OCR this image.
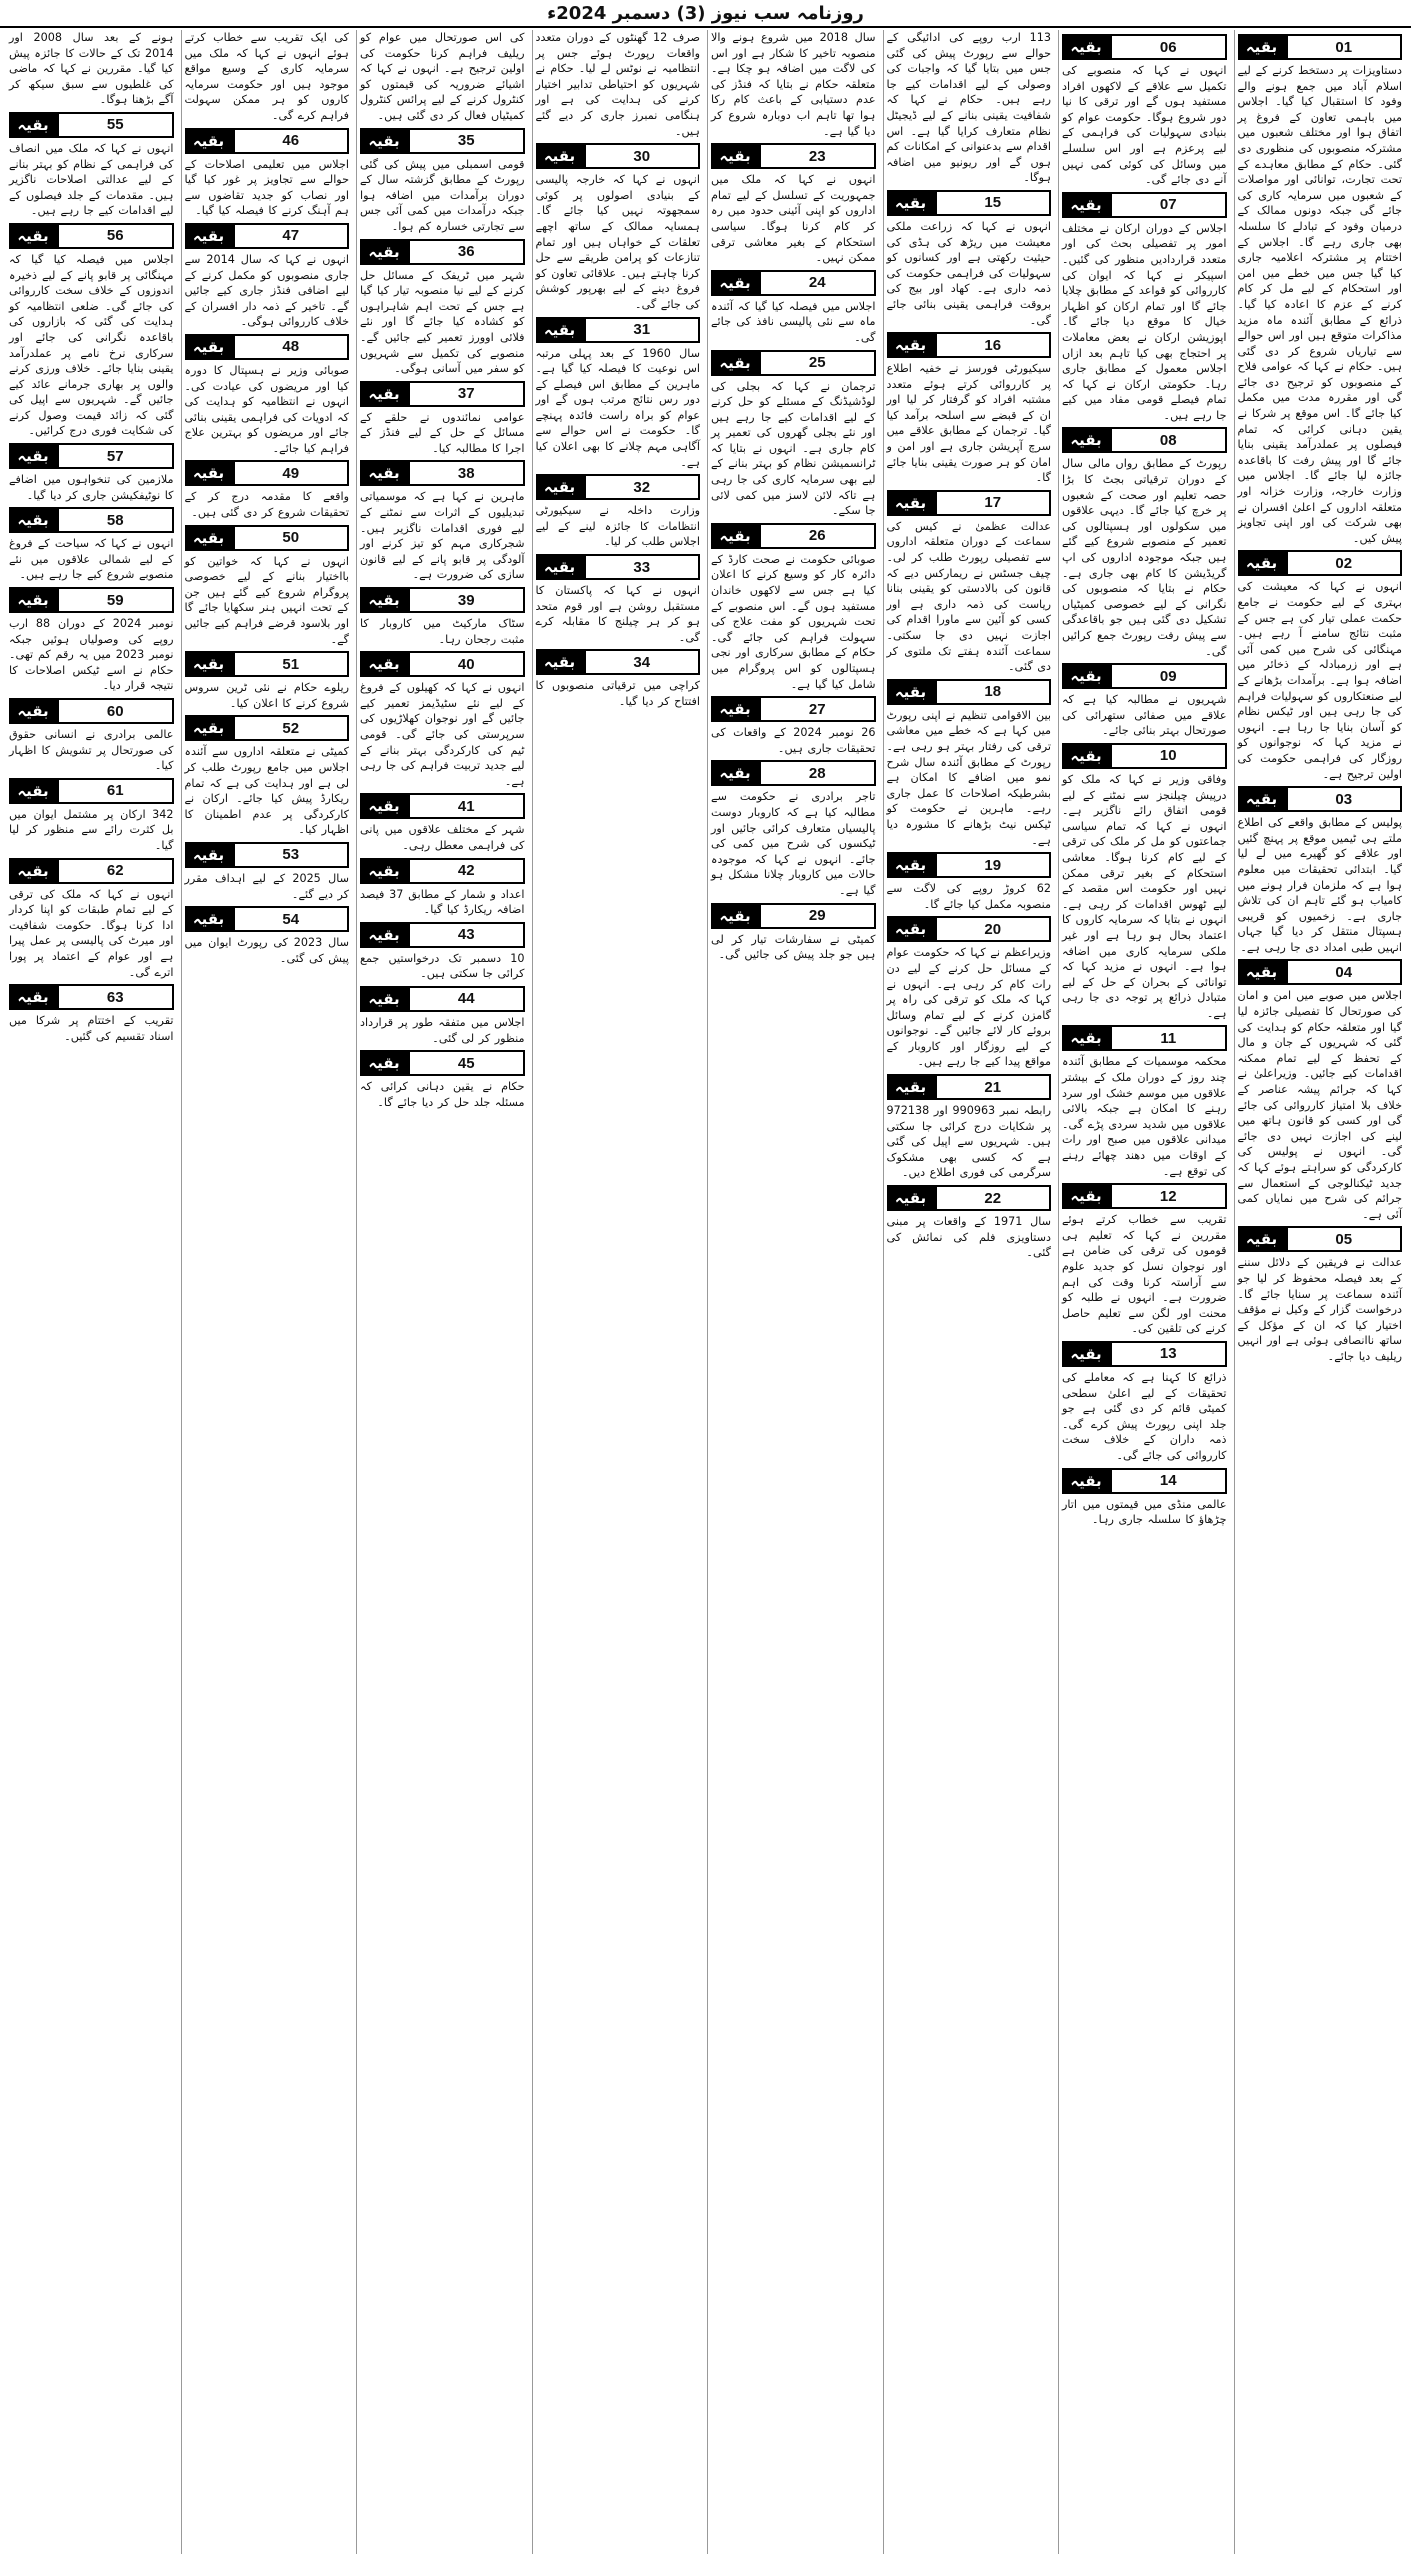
روزنامہ سب نیوز (3) دسمبر 2024ء
بقیہ	01

دستاویزات پر دستخط کرنے کے لیے اسلام آباد میں جمع ہونے والے وفود کا استقبال کیا گیا۔ اجلاس میں باہمی تعاون کے فروغ پر اتفاق ہوا اور مختلف شعبوں میں مشترکہ منصوبوں کی منظوری دی گئی۔ حکام کے مطابق معاہدے کے تحت تجارت، توانائی اور مواصلات کے شعبوں میں سرمایہ کاری کی جائے گی جبکہ دونوں ممالک کے درمیان وفود کے تبادلے کا سلسلہ بھی جاری رہے گا۔ اجلاس کے اختتام پر مشترکہ اعلامیہ جاری کیا گیا جس میں خطے میں امن اور استحکام کے لیے مل کر کام کرنے کے عزم کا اعادہ کیا گیا۔ ذرائع کے مطابق آئندہ ماہ مزید مذاکرات متوقع ہیں اور اس حوالے سے تیاریاں شروع کر دی گئی ہیں۔ حکام نے کہا کہ عوامی فلاح کے منصوبوں کو ترجیح دی جائے گی اور مقررہ مدت میں مکمل کیا جائے گا۔ اس موقع پر شرکا نے یقین دہانی کرائی کہ تمام فیصلوں پر عملدرآمد یقینی بنایا جائے گا اور پیش رفت کا باقاعدہ جائزہ لیا جائے گا۔ اجلاس میں وزارت خارجہ، وزارت خزانہ اور متعلقہ اداروں کے اعلیٰ افسران نے بھی شرکت کی اور اپنی تجاویز پیش کیں۔

بقیہ	02

انہوں نے کہا کہ معیشت کی بہتری کے لیے حکومت نے جامع حکمت عملی تیار کی ہے جس کے مثبت نتائج سامنے آ رہے ہیں۔ مہنگائی کی شرح میں کمی آئی ہے اور زرمبادلہ کے ذخائر میں اضافہ ہوا ہے۔ برآمدات بڑھانے کے لیے صنعتکاروں کو سہولیات فراہم کی جا رہی ہیں اور ٹیکس نظام کو آسان بنایا جا رہا ہے۔ انہوں نے مزید کہا کہ نوجوانوں کو روزگار کی فراہمی حکومت کی اولین ترجیح ہے۔

بقیہ	03

پولیس کے مطابق واقعے کی اطلاع ملتے ہی ٹیمیں موقع پر پہنچ گئیں اور علاقے کو گھیرے میں لے لیا گیا۔ ابتدائی تحقیقات میں معلوم ہوا ہے کہ ملزمان فرار ہونے میں کامیاب ہو گئے تاہم ان کی تلاش جاری ہے۔ زخمیوں کو قریبی ہسپتال منتقل کر دیا گیا جہاں انہیں طبی امداد دی جا رہی ہے۔

بقیہ	04

اجلاس میں صوبے میں امن و امان کی صورتحال کا تفصیلی جائزہ لیا گیا اور متعلقہ حکام کو ہدایت کی گئی کہ شہریوں کے جان و مال کے تحفظ کے لیے تمام ممکنہ اقدامات کیے جائیں۔ وزیراعلیٰ نے کہا کہ جرائم پیشہ عناصر کے خلاف بلا امتیاز کارروائی کی جائے گی اور کسی کو قانون ہاتھ میں لینے کی اجازت نہیں دی جائے گی۔ انہوں نے پولیس کی کارکردگی کو سراہتے ہوئے کہا کہ جدید ٹیکنالوجی کے استعمال سے جرائم کی شرح میں نمایاں کمی آئی ہے۔

بقیہ	05

عدالت نے فریقین کے دلائل سننے کے بعد فیصلہ محفوظ کر لیا جو آئندہ سماعت پر سنایا جائے گا۔ درخواست گزار کے وکیل نے مؤقف اختیار کیا کہ ان کے مؤکل کے ساتھ ناانصافی ہوئی ہے اور انہیں ریلیف دیا جائے۔

بقیہ	06

انہوں نے کہا کہ منصوبے کی تکمیل سے علاقے کے لاکھوں افراد مستفید ہوں گے اور ترقی کا نیا دور شروع ہوگا۔ حکومت عوام کو بنیادی سہولیات کی فراہمی کے لیے پرعزم ہے اور اس سلسلے میں وسائل کی کوئی کمی نہیں آنے دی جائے گی۔

بقیہ	07

اجلاس کے دوران ارکان نے مختلف امور پر تفصیلی بحث کی اور متعدد قراردادیں منظور کی گئیں۔ اسپیکر نے کہا کہ ایوان کی کارروائی کو قواعد کے مطابق چلایا جائے گا اور تمام ارکان کو اظہار خیال کا موقع دیا جائے گا۔ اپوزیشن ارکان نے بعض معاملات پر احتجاج بھی کیا تاہم بعد ازاں اجلاس معمول کے مطابق جاری رہا۔ حکومتی ارکان نے کہا کہ تمام فیصلے قومی مفاد میں کیے جا رہے ہیں۔

بقیہ	08

رپورٹ کے مطابق رواں مالی سال کے دوران ترقیاتی بجٹ کا بڑا حصہ تعلیم اور صحت کے شعبوں پر خرچ کیا جائے گا۔ دیہی علاقوں میں سکولوں اور ہسپتالوں کی تعمیر کے منصوبے شروع کیے گئے ہیں جبکہ موجودہ اداروں کی اپ گریڈیشن کا کام بھی جاری ہے۔ حکام نے بتایا کہ منصوبوں کی نگرانی کے لیے خصوصی کمیٹیاں تشکیل دی گئی ہیں جو باقاعدگی سے پیش رفت رپورٹ جمع کرائیں گی۔

بقیہ	09

شہریوں نے مطالبہ کیا ہے کہ علاقے میں صفائی ستھرائی کی صورتحال بہتر بنائی جائے۔

بقیہ	10

وفاقی وزیر نے کہا کہ ملک کو درپیش چیلنجز سے نمٹنے کے لیے قومی اتفاق رائے ناگزیر ہے۔ انہوں نے کہا کہ تمام سیاسی جماعتوں کو مل کر ملک کی ترقی کے لیے کام کرنا ہوگا۔ معاشی استحکام کے بغیر ترقی ممکن نہیں اور حکومت اس مقصد کے لیے ٹھوس اقدامات کر رہی ہے۔ انہوں نے بتایا کہ سرمایہ کاروں کا اعتماد بحال ہو رہا ہے اور غیر ملکی سرمایہ کاری میں اضافہ ہوا ہے۔ انہوں نے مزید کہا کہ توانائی کے بحران کے حل کے لیے متبادل ذرائع پر توجہ دی جا رہی ہے۔

بقیہ	11

محکمہ موسمیات کے مطابق آئندہ چند روز کے دوران ملک کے بیشتر علاقوں میں موسم خشک اور سرد رہنے کا امکان ہے جبکہ بالائی علاقوں میں شدید سردی پڑے گی۔ میدانی علاقوں میں صبح اور رات کے اوقات میں دھند چھائے رہنے کی توقع ہے۔

بقیہ	12

تقریب سے خطاب کرتے ہوئے مقررین نے کہا کہ تعلیم ہی قوموں کی ترقی کی ضامن ہے اور نوجوان نسل کو جدید علوم سے آراستہ کرنا وقت کی اہم ضرورت ہے۔ انہوں نے طلبہ کو محنت اور لگن سے تعلیم حاصل کرنے کی تلقین کی۔

بقیہ	13

ذرائع کا کہنا ہے کہ معاملے کی تحقیقات کے لیے اعلیٰ سطحی کمیٹی قائم کر دی گئی ہے جو جلد اپنی رپورٹ پیش کرے گی۔ ذمہ داران کے خلاف سخت کارروائی کی جائے گی۔

بقیہ	14

عالمی منڈی میں قیمتوں میں اتار چڑھاؤ کا سلسلہ جاری رہا۔

113 ارب روپے کی ادائیگی کے حوالے سے رپورٹ پیش کی گئی جس میں بتایا گیا کہ واجبات کی وصولی کے لیے اقدامات کیے جا رہے ہیں۔ حکام نے کہا کہ شفافیت یقینی بنانے کے لیے ڈیجیٹل نظام متعارف کرایا گیا ہے۔ اس اقدام سے بدعنوانی کے امکانات کم ہوں گے اور ریونیو میں اضافہ ہوگا۔

بقیہ	15

انہوں نے کہا کہ زراعت ملکی معیشت میں ریڑھ کی ہڈی کی حیثیت رکھتی ہے اور کسانوں کو سہولیات کی فراہمی حکومت کی ذمہ داری ہے۔ کھاد اور بیج کی بروقت فراہمی یقینی بنائی جائے گی۔

بقیہ	16

سیکیورٹی فورسز نے خفیہ اطلاع پر کارروائی کرتے ہوئے متعدد مشتبہ افراد کو گرفتار کر لیا اور ان کے قبضے سے اسلحہ برآمد کیا گیا۔ ترجمان کے مطابق علاقے میں سرچ آپریشن جاری ہے اور امن و امان کو ہر صورت یقینی بنایا جائے گا۔

بقیہ	17

عدالت عظمیٰ نے کیس کی سماعت کے دوران متعلقہ اداروں سے تفصیلی رپورٹ طلب کر لی۔ چیف جسٹس نے ریمارکس دیے کہ قانون کی بالادستی کو یقینی بنانا ریاست کی ذمہ داری ہے اور کسی کو آئین سے ماورا اقدام کی اجازت نہیں دی جا سکتی۔ سماعت آئندہ ہفتے تک ملتوی کر دی گئی۔

بقیہ	18

بین الاقوامی تنظیم نے اپنی رپورٹ میں کہا ہے کہ خطے میں معاشی ترقی کی رفتار بہتر ہو رہی ہے۔ رپورٹ کے مطابق آئندہ سال شرح نمو میں اضافے کا امکان ہے بشرطیکہ اصلاحات کا عمل جاری رہے۔ ماہرین نے حکومت کو ٹیکس نیٹ بڑھانے کا مشورہ دیا ہے۔

بقیہ	19

62 کروڑ روپے کی لاگت سے منصوبہ مکمل کیا جائے گا۔

بقیہ	20

وزیراعظم نے کہا کہ حکومت عوام کے مسائل حل کرنے کے لیے دن رات کام کر رہی ہے۔ انہوں نے کہا کہ ملک کو ترقی کی راہ پر گامزن کرنے کے لیے تمام وسائل بروئے کار لائے جائیں گے۔ نوجوانوں کے لیے روزگار اور کاروبار کے مواقع پیدا کیے جا رہے ہیں۔

بقیہ	21

رابطہ نمبر 990963 اور 972138 پر شکایات درج کرائی جا سکتی ہیں۔ شہریوں سے اپیل کی گئی ہے کہ کسی بھی مشکوک سرگرمی کی فوری اطلاع دیں۔

بقیہ	22

سال 1971 کے واقعات پر مبنی دستاویزی فلم کی نمائش کی گئی۔

سال 2018 میں شروع ہونے والا منصوبہ تاخیر کا شکار ہے اور اس کی لاگت میں اضافہ ہو چکا ہے۔ متعلقہ حکام نے بتایا کہ فنڈز کی عدم دستیابی کے باعث کام رکا ہوا تھا تاہم اب دوبارہ شروع کر دیا گیا ہے۔

بقیہ	23

انہوں نے کہا کہ ملک میں جمہوریت کے تسلسل کے لیے تمام اداروں کو اپنی آئینی حدود میں رہ کر کام کرنا ہوگا۔ سیاسی استحکام کے بغیر معاشی ترقی ممکن نہیں۔

بقیہ	24

اجلاس میں فیصلہ کیا گیا کہ آئندہ ماہ سے نئی پالیسی نافذ کی جائے گی۔

بقیہ	25

ترجمان نے کہا کہ بجلی کی لوڈشیڈنگ کے مسئلے کو حل کرنے کے لیے اقدامات کیے جا رہے ہیں اور نئے بجلی گھروں کی تعمیر پر کام جاری ہے۔ انہوں نے بتایا کہ ٹرانسمیشن نظام کو بہتر بنانے کے لیے بھی سرمایہ کاری کی جا رہی ہے تاکہ لائن لاسز میں کمی لائی جا سکے۔

بقیہ	26

صوبائی حکومت نے صحت کارڈ کے دائرہ کار کو وسیع کرنے کا اعلان کیا ہے جس سے لاکھوں خاندان مستفید ہوں گے۔ اس منصوبے کے تحت شہریوں کو مفت علاج کی سہولت فراہم کی جائے گی۔ حکام کے مطابق سرکاری اور نجی ہسپتالوں کو اس پروگرام میں شامل کیا گیا ہے۔

بقیہ	27

26 نومبر 2024 کے واقعات کی تحقیقات جاری ہیں۔

بقیہ	28

تاجر برادری نے حکومت سے مطالبہ کیا ہے کہ کاروبار دوست پالیسیاں متعارف کرائی جائیں اور ٹیکسوں کی شرح میں کمی کی جائے۔ انہوں نے کہا کہ موجودہ حالات میں کاروبار چلانا مشکل ہو گیا ہے۔

بقیہ	29

کمیٹی نے سفارشات تیار کر لی ہیں جو جلد پیش کی جائیں گی۔

صرف 12 گھنٹوں کے دوران متعدد واقعات رپورٹ ہوئے جس پر انتظامیہ نے نوٹس لے لیا۔ حکام نے شہریوں کو احتیاطی تدابیر اختیار کرنے کی ہدایت کی ہے اور ہنگامی نمبرز جاری کر دیے گئے ہیں۔

بقیہ	30

انہوں نے کہا کہ خارجہ پالیسی کے بنیادی اصولوں پر کوئی سمجھوتہ نہیں کیا جائے گا۔ ہمسایہ ممالک کے ساتھ اچھے تعلقات کے خواہاں ہیں اور تمام تنازعات کو پرامن طریقے سے حل کرنا چاہتے ہیں۔ علاقائی تعاون کو فروغ دینے کے لیے بھرپور کوشش کی جائے گی۔

بقیہ	31

سال 1960 کے بعد پہلی مرتبہ اس نوعیت کا فیصلہ کیا گیا ہے۔ ماہرین کے مطابق اس فیصلے کے دور رس نتائج مرتب ہوں گے اور عوام کو براہ راست فائدہ پہنچے گا۔ حکومت نے اس حوالے سے آگاہی مہم چلانے کا بھی اعلان کیا ہے۔

بقیہ	32

وزارت داخلہ نے سیکیورٹی انتظامات کا جائزہ لینے کے لیے اجلاس طلب کر لیا۔

بقیہ	33

انہوں نے کہا کہ پاکستان کا مستقبل روشن ہے اور قوم متحد ہو کر ہر چیلنج کا مقابلہ کرے گی۔

بقیہ	34

کراچی میں ترقیاتی منصوبوں کا افتتاح کر دیا گیا۔

کی اس صورتحال میں عوام کو ریلیف فراہم کرنا حکومت کی اولین ترجیح ہے۔ انہوں نے کہا کہ اشیائے ضروریہ کی قیمتوں کو کنٹرول کرنے کے لیے پرائس کنٹرول کمیٹیاں فعال کر دی گئی ہیں۔

بقیہ	35

قومی اسمبلی میں پیش کی گئی رپورٹ کے مطابق گزشتہ سال کے دوران برآمدات میں اضافہ ہوا جبکہ درآمدات میں کمی آئی جس سے تجارتی خسارہ کم ہوا۔

بقیہ	36

شہر میں ٹریفک کے مسائل حل کرنے کے لیے نیا منصوبہ تیار کیا گیا ہے جس کے تحت اہم شاہراہوں کو کشادہ کیا جائے گا اور نئے فلائی اوورز تعمیر کیے جائیں گے۔ منصوبے کی تکمیل سے شہریوں کو سفر میں آسانی ہوگی۔

بقیہ	37

عوامی نمائندوں نے حلقے کے مسائل کے حل کے لیے فنڈز کے اجرا کا مطالبہ کیا۔

بقیہ	38

ماہرین نے کہا ہے کہ موسمیاتی تبدیلیوں کے اثرات سے نمٹنے کے لیے فوری اقدامات ناگزیر ہیں۔ شجرکاری مہم کو تیز کرنے اور آلودگی پر قابو پانے کے لیے قانون سازی کی ضرورت ہے۔

بقیہ	39

سٹاک مارکیٹ میں کاروبار کا مثبت رجحان رہا۔

بقیہ	40

انہوں نے کہا کہ کھیلوں کے فروغ کے لیے نئے سٹیڈیمز تعمیر کیے جائیں گے اور نوجوان کھلاڑیوں کی سرپرستی کی جائے گی۔ قومی ٹیم کی کارکردگی بہتر بنانے کے لیے جدید تربیت فراہم کی جا رہی ہے۔

بقیہ	41

شہر کے مختلف علاقوں میں پانی کی فراہمی معطل رہی۔

بقیہ	42

اعداد و شمار کے مطابق 37 فیصد اضافہ ریکارڈ کیا گیا۔

بقیہ	43

10 دسمبر تک درخواستیں جمع کرائی جا سکتی ہیں۔

بقیہ	44

اجلاس میں متفقہ طور پر قرارداد منظور کر لی گئی۔

بقیہ	45

حکام نے یقین دہانی کرائی کہ مسئلہ جلد حل کر دیا جائے گا۔

کی ایک تقریب سے خطاب کرتے ہوئے انہوں نے کہا کہ ملک میں سرمایہ کاری کے وسیع مواقع موجود ہیں اور حکومت سرمایہ کاروں کو ہر ممکن سہولت فراہم کرے گی۔

بقیہ	46

اجلاس میں تعلیمی اصلاحات کے حوالے سے تجاویز پر غور کیا گیا اور نصاب کو جدید تقاضوں سے ہم آہنگ کرنے کا فیصلہ کیا گیا۔

بقیہ	47

انہوں نے کہا کہ سال 2014 سے جاری منصوبوں کو مکمل کرنے کے لیے اضافی فنڈز جاری کیے جائیں گے۔ تاخیر کے ذمہ دار افسران کے خلاف کارروائی ہوگی۔

بقیہ	48

صوبائی وزیر نے ہسپتال کا دورہ کیا اور مریضوں کی عیادت کی۔ انہوں نے انتظامیہ کو ہدایت کی کہ ادویات کی فراہمی یقینی بنائی جائے اور مریضوں کو بہترین علاج فراہم کیا جائے۔

بقیہ	49

واقعے کا مقدمہ درج کر کے تحقیقات شروع کر دی گئی ہیں۔

بقیہ	50

انہوں نے کہا کہ خواتین کو بااختیار بنانے کے لیے خصوصی پروگرام شروع کیے گئے ہیں جن کے تحت انہیں ہنر سکھایا جائے گا اور بلاسود قرضے فراہم کیے جائیں گے۔

بقیہ	51

ریلوے حکام نے نئی ٹرین سروس شروع کرنے کا اعلان کیا۔

بقیہ	52

کمیٹی نے متعلقہ اداروں سے آئندہ اجلاس میں جامع رپورٹ طلب کر لی ہے اور ہدایت کی ہے کہ تمام ریکارڈ پیش کیا جائے۔ ارکان نے کارکردگی پر عدم اطمینان کا اظہار کیا۔

بقیہ	53

سال 2025 کے لیے اہداف مقرر کر دیے گئے۔

بقیہ	54

سال 2023 کی رپورٹ ایوان میں پیش کی گئی۔

ہونے کے بعد سال 2008 اور 2014 تک کے حالات کا جائزہ پیش کیا گیا۔ مقررین نے کہا کہ ماضی کی غلطیوں سے سبق سیکھ کر آگے بڑھنا ہوگا۔

بقیہ	55

انہوں نے کہا کہ ملک میں انصاف کی فراہمی کے نظام کو بہتر بنانے کے لیے عدالتی اصلاحات ناگزیر ہیں۔ مقدمات کے جلد فیصلوں کے لیے اقدامات کیے جا رہے ہیں۔

بقیہ	56

اجلاس میں فیصلہ کیا گیا کہ مہنگائی پر قابو پانے کے لیے ذخیرہ اندوزوں کے خلاف سخت کارروائی کی جائے گی۔ ضلعی انتظامیہ کو ہدایت کی گئی کہ بازاروں کی باقاعدہ نگرانی کی جائے اور سرکاری نرخ نامے پر عملدرآمد یقینی بنایا جائے۔ خلاف ورزی کرنے والوں پر بھاری جرمانے عائد کیے جائیں گے۔ شہریوں سے اپیل کی گئی کہ زائد قیمت وصول کرنے کی شکایت فوری درج کرائیں۔

بقیہ	57

ملازمین کی تنخواہوں میں اضافے کا نوٹیفکیشن جاری کر دیا گیا۔

بقیہ	58

انہوں نے کہا کہ سیاحت کے فروغ کے لیے شمالی علاقوں میں نئے منصوبے شروع کیے جا رہے ہیں۔

بقیہ	59

نومبر 2024 کے دوران 88 ارب روپے کی وصولیاں ہوئیں جبکہ نومبر 2023 میں یہ رقم کم تھی۔ حکام نے اسے ٹیکس اصلاحات کا نتیجہ قرار دیا۔

بقیہ	60

عالمی برادری نے انسانی حقوق کی صورتحال پر تشویش کا اظہار کیا۔

بقیہ	61

342 ارکان پر مشتمل ایوان میں بل کثرت رائے سے منظور کر لیا گیا۔

بقیہ	62

انہوں نے کہا کہ ملک کی ترقی کے لیے تمام طبقات کو اپنا کردار ادا کرنا ہوگا۔ حکومت شفافیت اور میرٹ کی پالیسی پر عمل پیرا ہے اور عوام کے اعتماد پر پورا اترے گی۔

بقیہ	63

تقریب کے اختتام پر شرکا میں اسناد تقسیم کی گئیں۔
